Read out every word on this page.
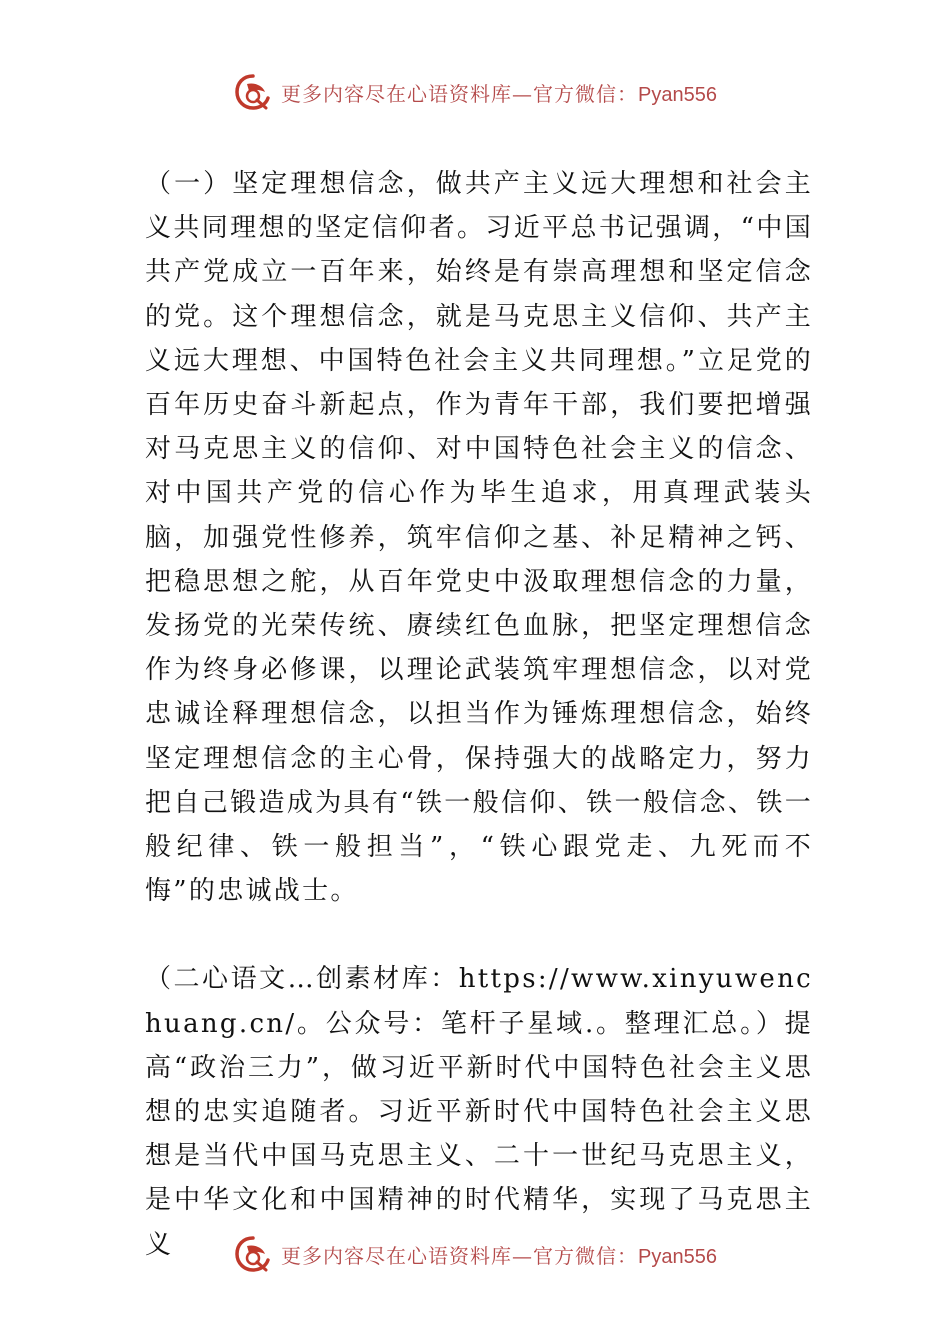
更多内容尽在心语资料库—官方微信：Pyan556

（一）坚定理想信念，做共产主义远大理想和社会主义共同理想的坚定信仰者。习近平总书记强调，“中国共产党成立一百年来，始终是有崇高理想和坚定信念的党。这个理想信念，就是马克思主义信仰、共产主义远大理想、中国特色社会主义共同理想。”立足党的百年历史奋斗新起点，作为青年干部，我们要把增强对马克思主义的信仰、对中国特色社会主义的信念、对中国共产党的信心作为毕生追求，用真理武装头脑，加强党性修养，筑牢信仰之基、补足精神之钙、把稳思想之舵，从百年党史中汲取理想信念的力量，发扬党的光荣传统、赓续红色血脉，把坚定理想信念作为终身必修课，以理论武装筑牢理想信念，以对党忠诚诠释理想信念，以担当作为锤炼理想信念，始终坚定理想信念的主心骨，保持强大的战略定力，努力把自己锻造成为具有“铁一般信仰、铁一般信念、铁一般纪律、铁一般担当”，“铁心跟党走、九死而不悔”的忠诚战士。

（二心语文…创素材库：https://www.xinyuwenchuang.cn/。公众号：笔杆子星域.。整理汇总。）提高“政治三力”，做习近平新时代中国特色社会主义思想的忠实追随者。习近平新时代中国特色社会主义思想是当代中国马克思主义、二十一世纪马克思主义， 是中华文化和中国精神的时代精华，实现了马克思主义	更多内容尽在心语资料库—官方微信：Pyan556
